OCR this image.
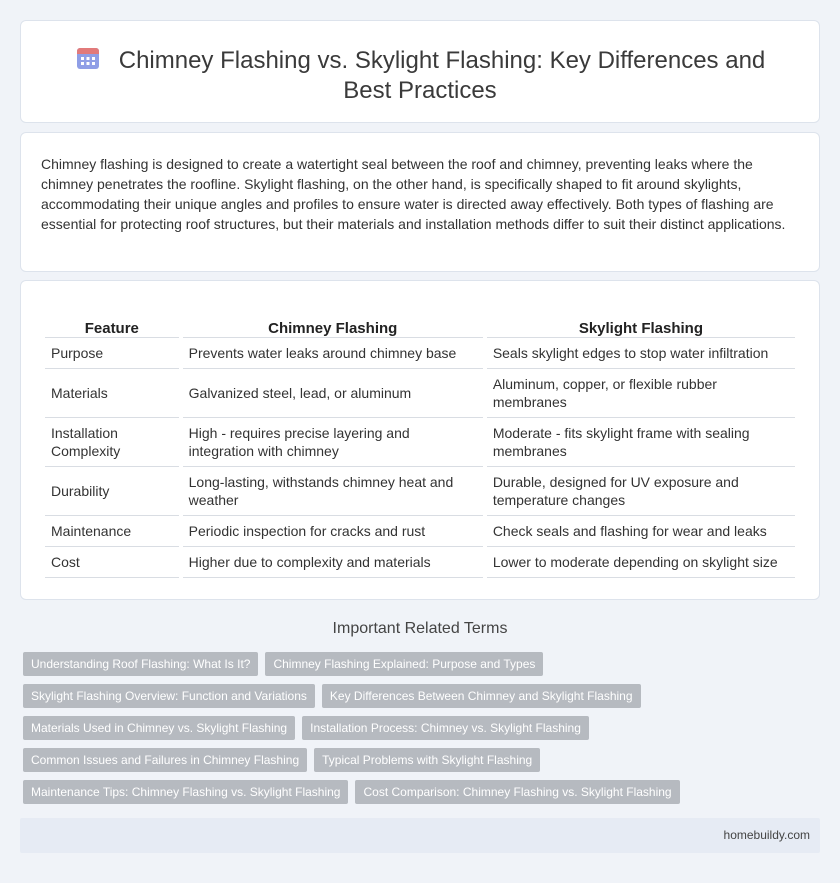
Chimney Flashing vs. Skylight Flashing: Key Differences and Best Practices

Chimney flashing is designed to create a watertight seal between the roof and chimney, preventing leaks where the chimney penetrates the roofline. Skylight flashing, on the other hand, is specifically shaped to fit around skylights, accommodating their unique angles and profiles to ensure water is directed away effectively. Both types of flashing are essential for protecting roof structures, but their materials and installation methods differ to suit their distinct applications.

Feature	Chimney Flashing	Skylight Flashing
Purpose	Prevents water leaks around chimney base	Seals skylight edges to stop water infiltration
Materials	Galvanized steel, lead, or aluminum	Aluminum, copper, or flexible rubber membranes
Installation Complexity	High - requires precise layering and integration with chimney	Moderate - fits skylight frame with sealing membranes
Durability	Long-lasting, withstands chimney heat and weather	Durable, designed for UV exposure and temperature changes
Maintenance	Periodic inspection for cracks and rust	Check seals and flashing for wear and leaks
Cost	Higher due to complexity and materials	Lower to moderate depending on skylight size
Important Related Terms
Understanding Roof Flashing: What Is It?	Chimney Flashing Explained: Purpose and Types
Skylight Flashing Overview: Function and Variations	Key Differences Between Chimney and Skylight Flashing
Materials Used in Chimney vs. Skylight Flashing	Installation Process: Chimney vs. Skylight Flashing
Common Issues and Failures in Chimney Flashing	Typical Problems with Skylight Flashing
Maintenance Tips: Chimney Flashing vs. Skylight Flashing	Cost Comparison: Chimney Flashing vs. Skylight Flashing
homebuildy.com
